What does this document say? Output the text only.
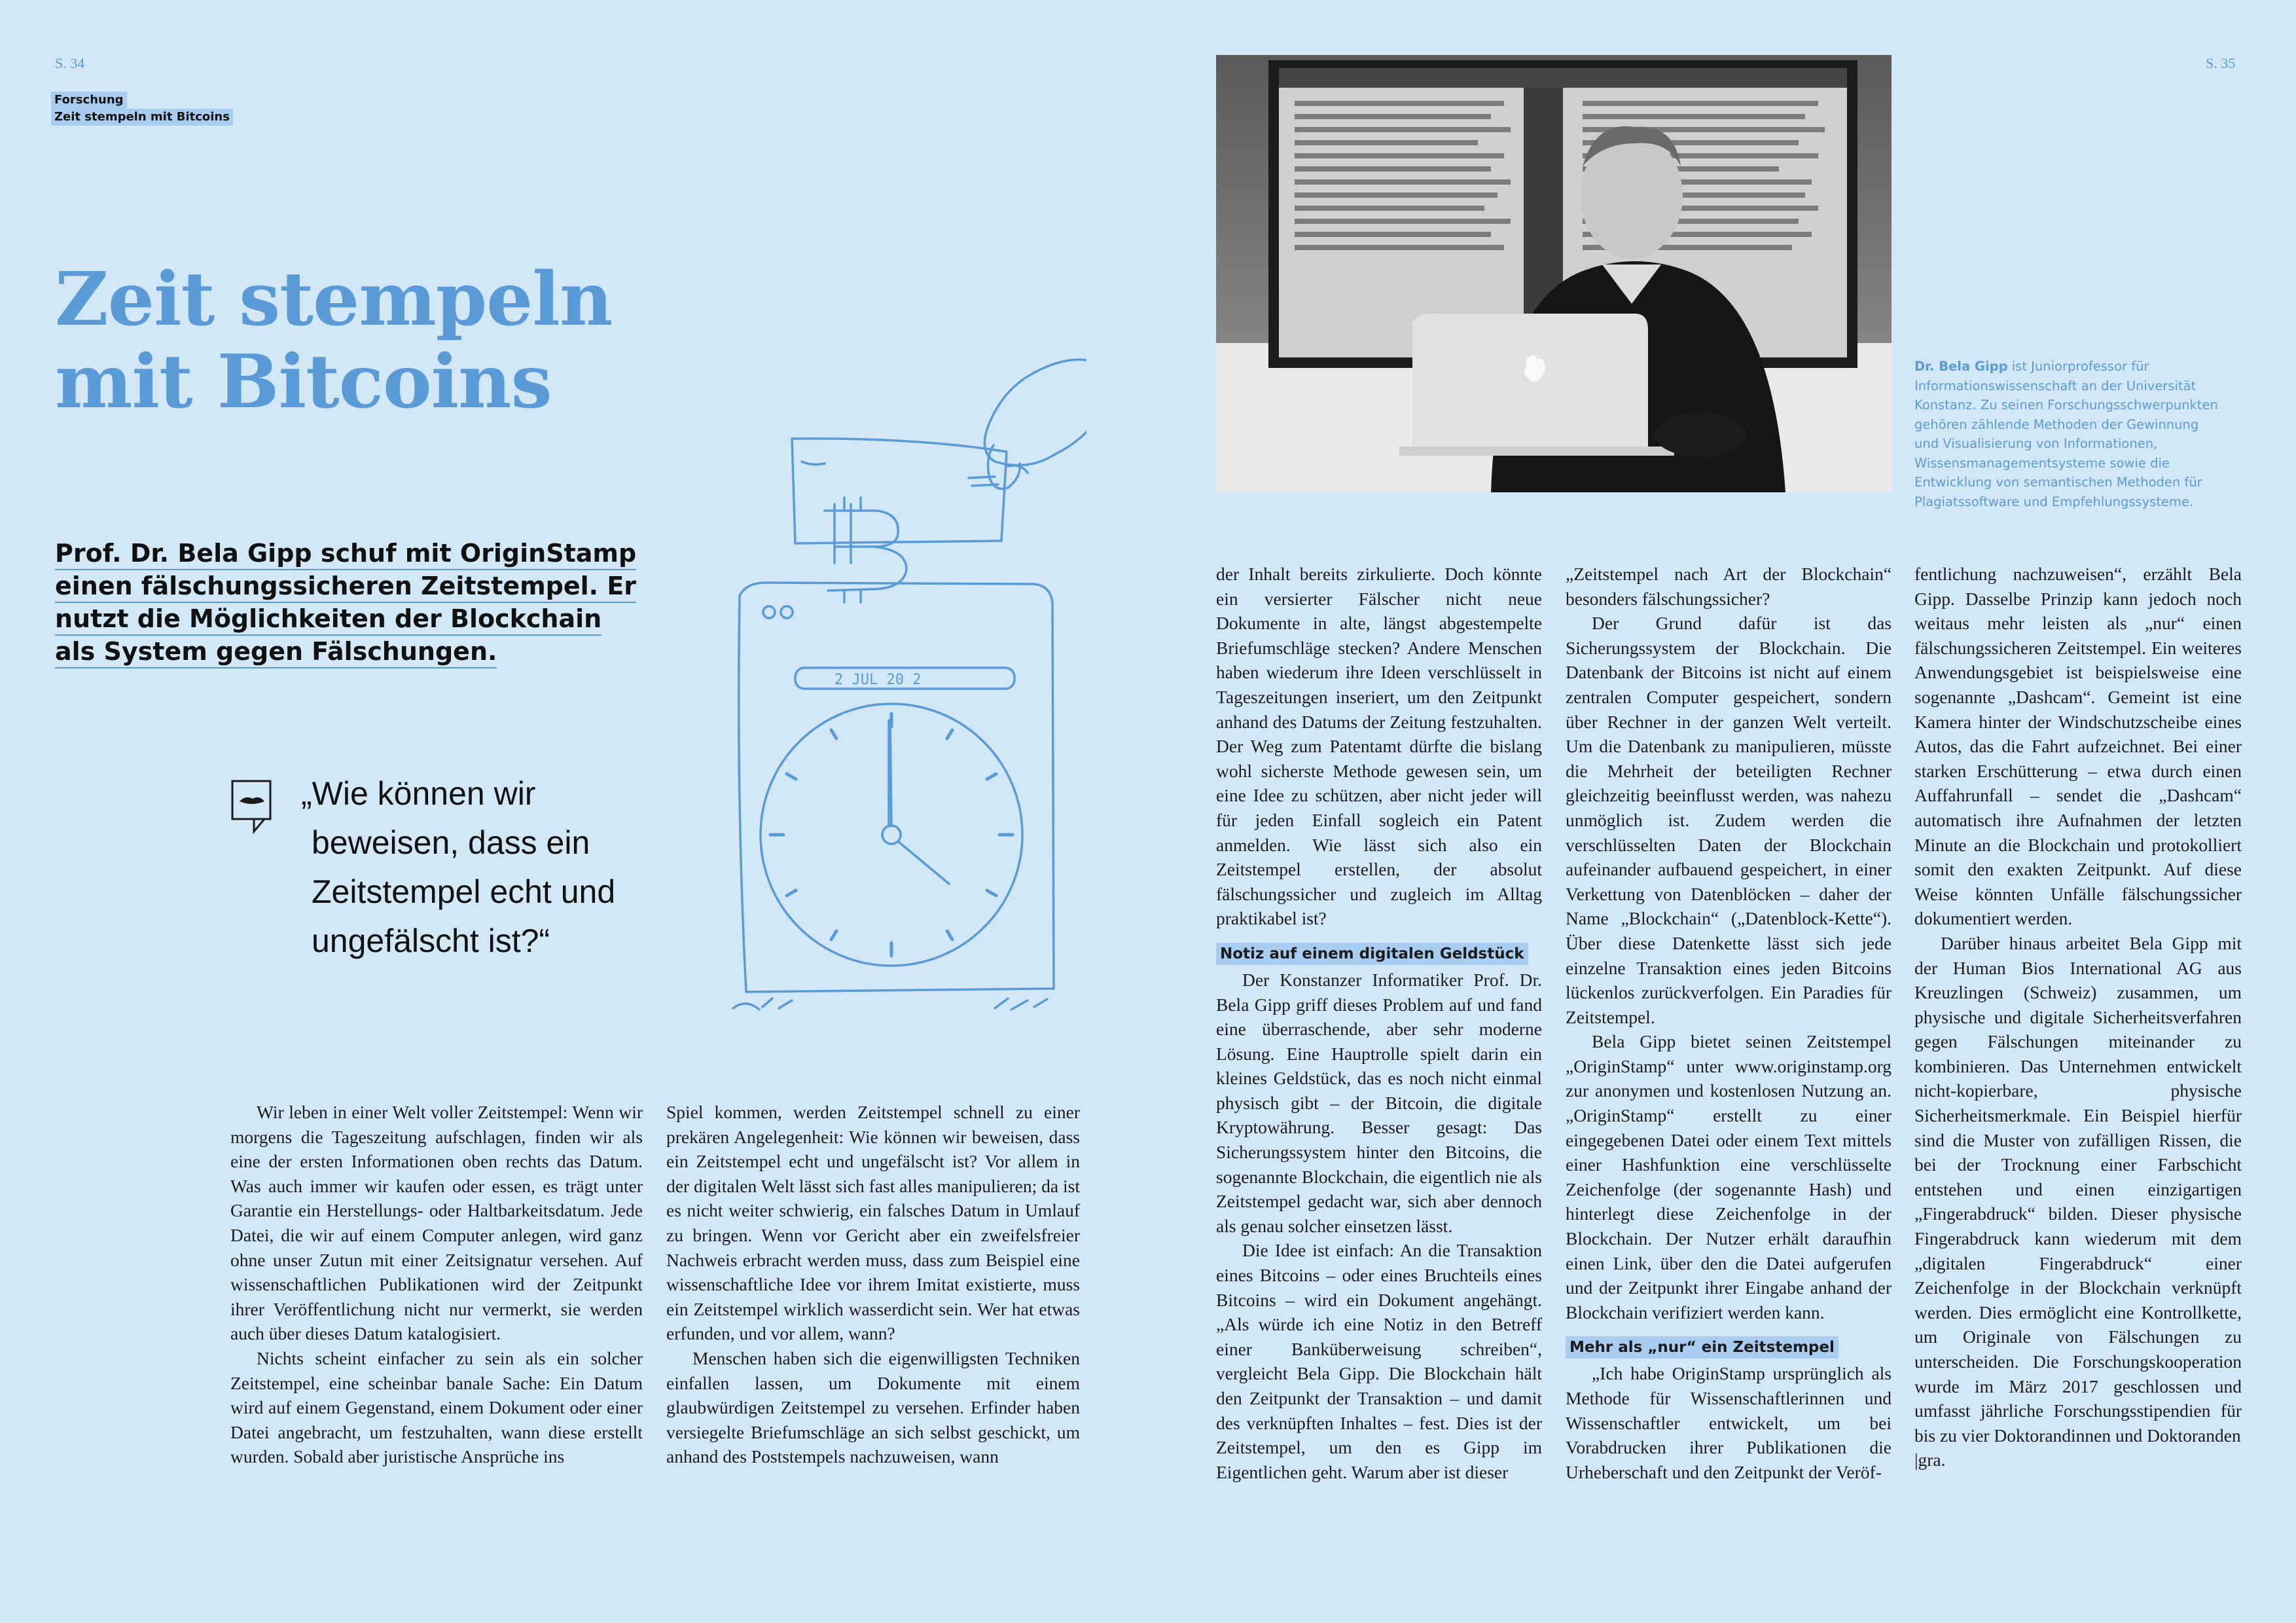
S. 34	S. 35
Forschung
Zeit stempeln mit Bitcoins
Zeit stempeln
mit Bitcoins
Prof. Dr. Bela Gipp schuf mit OriginStamp einen fälschungssicheren Zeitstempel. Er nutzt die Möglichkeiten der Blockchain als System gegen Fälschungen.
„Wie können wir beweisen, dass ein Zeitstempel echt und ungefälscht ist?“
2 JUL 20 2
Dr. Bela Gipp ist Juniorprofessor für Informationswissenschaft an der Universität Konstanz. Zu seinen Forschungsschwerpunkten gehören zählende Methoden der Gewinnung und Visualisierung von Informationen, Wissensmanagementsysteme sowie die Entwicklung von semantischen Methoden für Plagiatssoftware und Empfehlungssysteme.

Wir leben in einer Welt voller Zeitstempel: Wenn wir morgens die Tageszeitung aufschlagen, finden wir als eine der ersten Informationen oben rechts das Datum. Was auch immer wir kaufen oder essen, es trägt unter Garantie ein Herstellungs- oder Haltbarkeitsdatum. Jede Datei, die wir auf einem Computer anlegen, wird ganz ohne unser Zutun mit einer Zeitsignatur versehen. Auf wissenschaftlichen Publikationen wird der Zeitpunkt ihrer Veröffentlichung nicht nur vermerkt, sie werden auch über dieses Datum katalogisiert.

Nichts scheint einfacher zu sein als ein solcher Zeitstempel, eine scheinbar banale Sache: Ein Datum wird auf einem Gegenstand, einem Dokument oder einer Datei angebracht, um festzuhalten, wann diese erstellt wurden. Sobald aber juristische Ansprüche ins

Spiel kommen, werden Zeitstempel schnell zu einer prekären Angelegenheit: Wie können wir beweisen, dass ein Zeitstempel echt und ungefälscht ist? Vor allem in der digitalen Welt lässt sich fast alles manipulieren; da ist es nicht weiter schwierig, ein falsches Datum in Umlauf zu bringen. Wenn vor Gericht aber ein zweifelsfreier Nachweis erbracht werden muss, dass zum Beispiel eine wissenschaftliche Idee vor ihrem Imitat existierte, muss ein Zeitstempel wirklich wasserdicht sein. Wer hat etwas erfunden, und vor allem, wann?

Menschen haben sich die eigenwilligsten Techniken einfallen lassen, um Dokumente mit einem glaubwürdigen Zeitstempel zu versehen. Erfinder haben versiegelte Briefumschläge an sich selbst geschickt, um anhand des Poststempels nachzuweisen, wann

der Inhalt bereits zirkulierte. Doch könnte ein versierter Fälscher nicht neue Dokumente in alte, längst abgestempelte Briefumschläge stecken? Andere Menschen haben wiederum ihre Ideen verschlüsselt in Tageszeitungen inseriert, um den Zeitpunkt anhand des Datums der Zeitung festzuhalten. Der Weg zum Patentamt dürfte die bislang wohl sicherste Methode gewesen sein, um eine Idee zu schützen, aber nicht jeder will für jeden Einfall sogleich ein Patent anmelden. Wie lässt sich also ein Zeitstempel erstellen, der absolut fälschungssicher und zugleich im Alltag praktikabel ist?

Notiz auf einem digitalen Geldstück

Der Konstanzer Informatiker Prof. Dr. Bela Gipp griff dieses Problem auf und fand eine überraschende, aber sehr moderne Lösung. Eine Hauptrolle spielt darin ein kleines Geldstück, das es noch nicht einmal physisch gibt – der Bitcoin, die digitale Kryptowährung. Besser gesagt: Das Sicherungssystem hinter den Bitcoins, die sogenannte Blockchain, die eigentlich nie als Zeitstempel gedacht war, sich aber dennoch als genau solcher einsetzen lässt.

Die Idee ist einfach: An die Transaktion eines Bitcoins – oder eines Bruchteils eines Bitcoins – wird ein Dokument angehängt. „Als würde ich eine Notiz in den Betreff einer Banküberweisung schreiben“, vergleicht Bela Gipp. Die Blockchain hält den Zeitpunkt der Transaktion – und damit des verknüpften Inhaltes – fest. Dies ist der Zeitstempel, um den es Gipp im Eigentlichen geht. Warum aber ist dieser

„Zeitstempel nach Art der Blockchain“ besonders fälschungssicher?

Der Grund dafür ist das Sicherungssystem der Blockchain. Die Datenbank der Bitcoins ist nicht auf einem zentralen Computer gespeichert, sondern über Rechner in der ganzen Welt verteilt. Um die Datenbank zu manipulieren, müsste die Mehrheit der beteiligten Rechner gleichzeitig beeinflusst werden, was nahezu unmöglich ist. Zudem werden die verschlüsselten Daten der Blockchain aufeinander aufbauend gespeichert, in einer Verkettung von Datenblöcken – daher der Name „Blockchain“ („Datenblock-Kette“). Über diese Datenkette lässt sich jede einzelne Transaktion eines jeden Bitcoins lückenlos zurückverfolgen. Ein Paradies für Zeitstempel.

Bela Gipp bietet seinen Zeitstempel „OriginStamp“ unter www.originstamp.org zur anonymen und kostenlosen Nutzung an. „OriginStamp“ erstellt zu einer eingegebenen Datei oder einem Text mittels einer Hashfunktion eine verschlüsselte Zeichenfolge (der sogenannte Hash) und hinterlegt diese Zeichenfolge in der Blockchain. Der Nutzer erhält daraufhin einen Link, über den die Datei aufgerufen und der Zeitpunkt ihrer Eingabe anhand der Blockchain verifiziert werden kann.

Mehr als „nur“ ein Zeitstempel

„Ich habe OriginStamp ursprünglich als Methode für Wissenschaftlerinnen und Wissenschaftler entwickelt, um bei Vorabdrucken ihrer Publikationen die Urheberschaft und den Zeitpunkt der Veröf-

fentlichung nachzuweisen“, erzählt Bela Gipp. Dasselbe Prinzip kann jedoch noch weitaus mehr leisten als „nur“ einen fälschungssicheren Zeitstempel. Ein weiteres Anwendungsgebiet ist beispielsweise eine sogenannte „Dashcam“. Gemeint ist eine Kamera hinter der Windschutzscheibe eines Autos, das die Fahrt aufzeichnet. Bei einer starken Erschütterung – etwa durch einen Auffahrunfall – sendet die „Dashcam“ automatisch ihre Aufnahmen der letzten Minute an die Blockchain und protokolliert somit den exakten Zeitpunkt. Auf diese Weise könnten Unfälle fälschungssicher dokumentiert werden.

Darüber hinaus arbeitet Bela Gipp mit der Human Bios International AG aus Kreuzlingen (Schweiz) zusammen, um physische und digitale Sicherheitsverfahren gegen Fälschungen miteinander zu kombinieren. Das Unternehmen entwickelt nicht-kopierbare, physische Sicherheitsmerkmale. Ein Beispiel hierfür sind die Muster von zufälligen Rissen, die bei der Trocknung einer Farbschicht entstehen und einen einzigartigen „Fingerabdruck“ bilden. Dieser physische Fingerabdruck kann wiederum mit dem „digitalen Fingerabdruck“ einer Zeichenfolge in der Blockchain verknüpft werden. Dies ermöglicht eine Kontrollkette, um Originale von Fälschungen zu unterscheiden. Die Forschungskooperation wurde im März 2017 geschlossen und umfasst jährliche Forschungsstipendien für bis zu vier Doktorandinnen und Doktoranden

|gra.
